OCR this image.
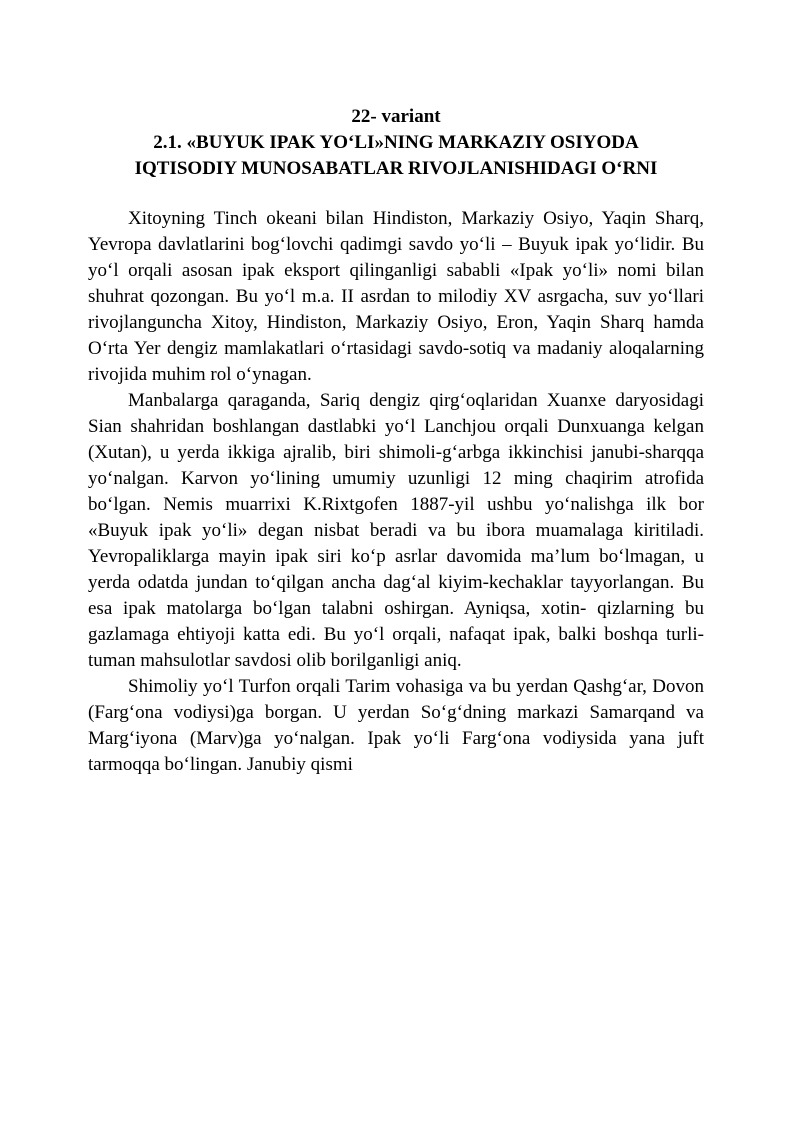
22- variant

2.1. «BUYUK IPAK YO‘LI»NING MARKAZIY OSIYODA

IQTISODIY MUNOSABATLAR RIVOJLANISHIDAGI O‘RNI

Xitoyning Tinch okeani bilan Hindiston, Markaziy Osiyo, Yaqin Sharq, Yevropa davlatlarini bog‘lovchi qadimgi savdo yo‘li – Buyuk ipak yo‘lidir. Bu yo‘l orqali asosan ipak eksport qilinganligi sababli «Ipak yo‘li» nomi bilan shuhrat qozongan. Bu yo‘l m.a. II asrdan to milodiy XV asrgacha, suv yo‘llari rivojlanguncha Xitoy, Hindiston, Markaziy Osiyo, Eron, Yaqin Sharq hamda O‘rta Yer dengiz mamlakatlari o‘rtasidagi savdo-sotiq va madaniy aloqalarning rivojida muhim rol o‘ynagan.

Manbalarga qaraganda, Sariq dengiz qirg‘oqlaridan Xuanxe daryosidagi Sian shahridan boshlangan dastlabki yo‘l Lanchjou orqali Dunxuanga kelgan (Xutan), u yerda ikkiga ajralib, biri shimoli-g‘arbga ikkinchisi janubi-sharqqa yo‘nalgan. Karvon yo‘lining umumiy uzunligi 12 ming chaqirim atrofida bo‘lgan. Nemis muarrixi K.Rixtgofen 1887-yil ushbu yo‘nalishga ilk bor «Buyuk ipak yo‘li» degan nisbat beradi va bu ibora muamalaga kiritiladi. Yevropaliklarga mayin ipak siri ko‘p asrlar davomida ma’lum bo‘lmagan, u yerda odatda jundan to‘qilgan ancha dag‘al kiyim-kechaklar tayyorlangan. Bu esa ipak matolarga bo‘lgan talabni oshirgan. Ayniqsa, xotin- qizlarning bu gazlamaga ehtiyoji katta edi. Bu yo‘l orqali, nafaqat ipak, balki boshqa turli-tuman mahsulotlar savdosi olib borilganligi aniq.

Shimoliy yo‘l Turfon orqali Tarim vohasiga va bu yerdan Qashg‘ar, Dovon (Farg‘ona vodiysi)ga borgan. U yerdan So‘g‘dning markazi Samarqand va Marg‘iyona (Marv)ga yo‘nalgan. Ipak yo‘li Farg‘ona vodiysida yana juft tarmoqqa bo‘lingan. Janubiy qismi
